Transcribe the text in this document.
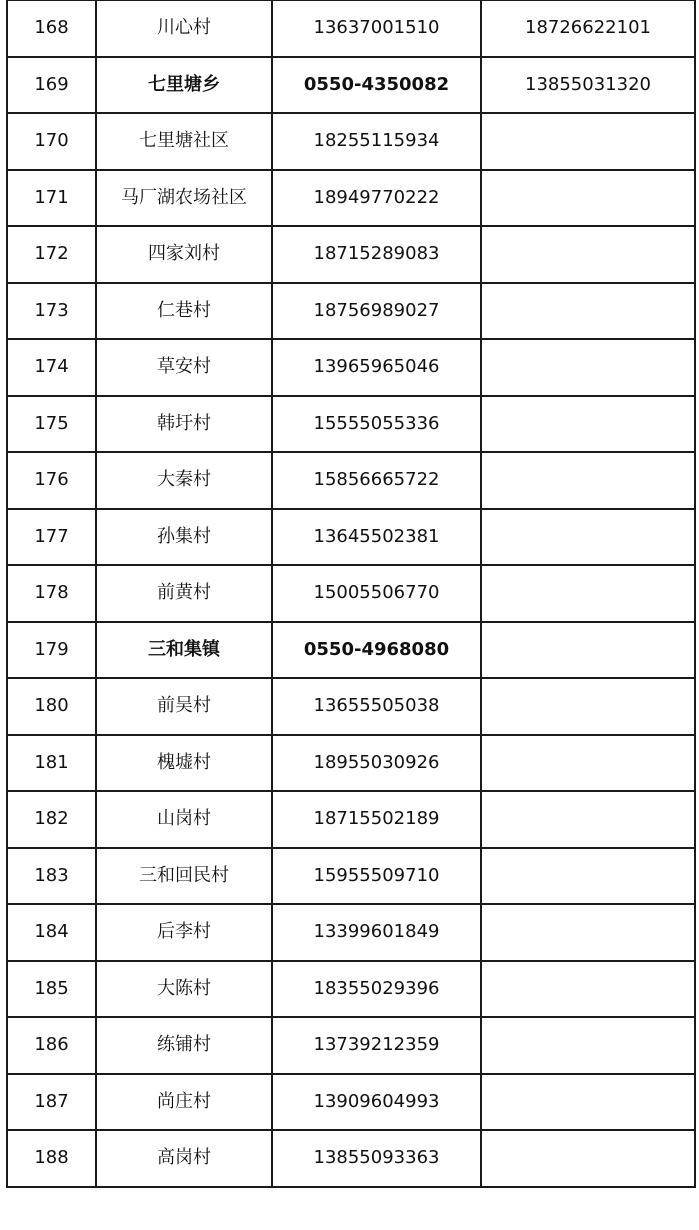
168	川心村	13637001510	18726622101
169	七里塘乡	0550-4350082	13855031320
170	七里塘社区	18255115934	
171	马厂湖农场社区	18949770222	
172	四家刘村	18715289083	
173	仁巷村	18756989027	
174	草安村	13965965046	
175	韩圩村	15555055336	
176	大秦村	15856665722	
177	孙集村	13645502381	
178	前黄村	15005506770	
179	三和集镇	0550-4968080	
180	前吴村	13655505038	
181	槐墟村	18955030926	
182	山岗村	18715502189	
183	三和回民村	15955509710	
184	后李村	13399601849	
185	大陈村	18355029396	
186	练铺村	13739212359	
187	尚庄村	13909604993	
188	高岗村	13855093363	
